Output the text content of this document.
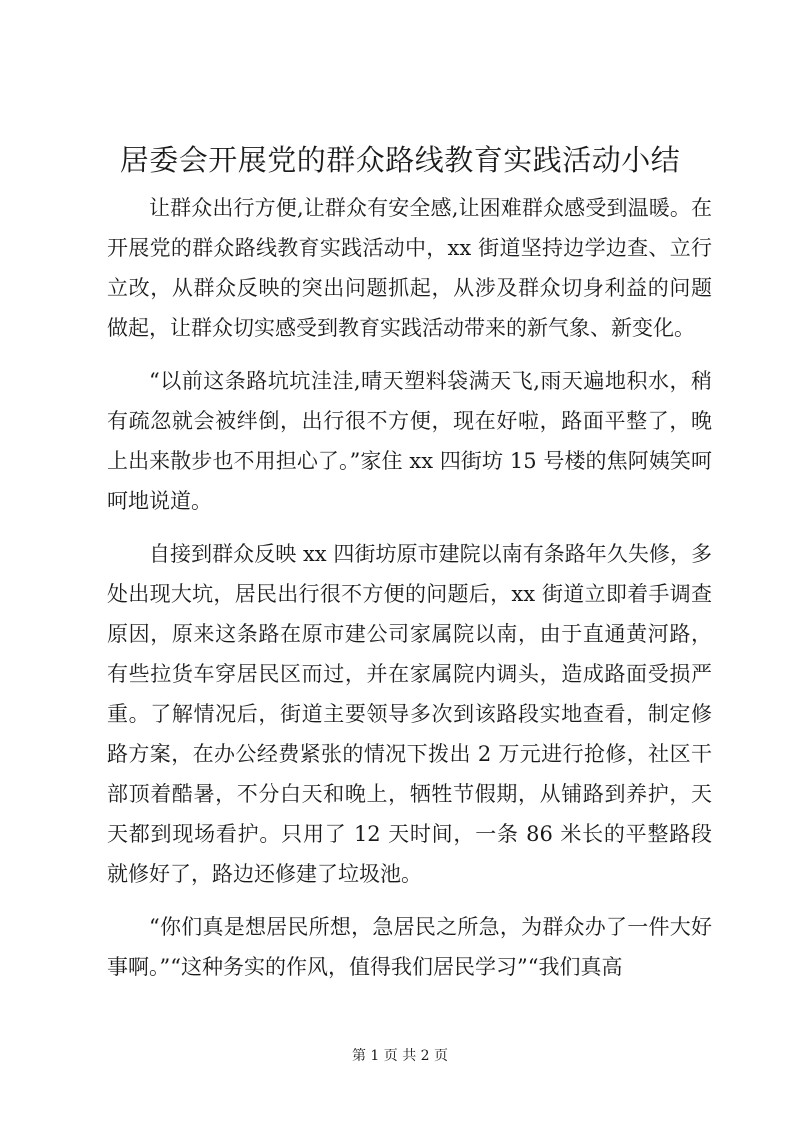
居委会开展党的群众路线教育实践活动小结

让群众出行方便,让群众有安全感,让困难群众感受到温暖。在开展党的群众路线教育实践活动中，xx 街道坚持边学边查、立行立改，从群众反映的突出问题抓起，从涉及群众切身利益的问题做起，让群众切实感受到教育实践活动带来的新气象、新变化。

“以前这条路坑坑洼洼,晴天塑料袋满天飞,雨天遍地积水，稍有疏忽就会被绊倒，出行很不方便，现在好啦，路面平整了，晚上出来散步也不用担心了。”家住 xx 四街坊 15 号楼的焦阿姨笑呵呵地说道。

自接到群众反映 xx 四街坊原市建院以南有条路年久失修，多处出现大坑，居民出行很不方便的问题后，xx 街道立即着手调查原因，原来这条路在原市建公司家属院以南，由于直通黄河路，有些拉货车穿居民区而过，并在家属院内调头，造成路面受损严重。了解情况后，街道主要领导多次到该路段实地查看，制定修路方案，在办公经费紧张的情况下拨出 2 万元进行抢修，社区干部顶着酷暑，不分白天和晚上，牺牲节假期，从铺路到养护，天天都到现场看护。只用了 12 天时间，一条 86 米长的平整路段就修好了，路边还修建了垃圾池。

“你们真是想居民所想，急居民之所急，为群众办了一件大好事啊。”“这种务实的作风，值得我们居民学习”“我们真高

第 1 页 共 2 页
